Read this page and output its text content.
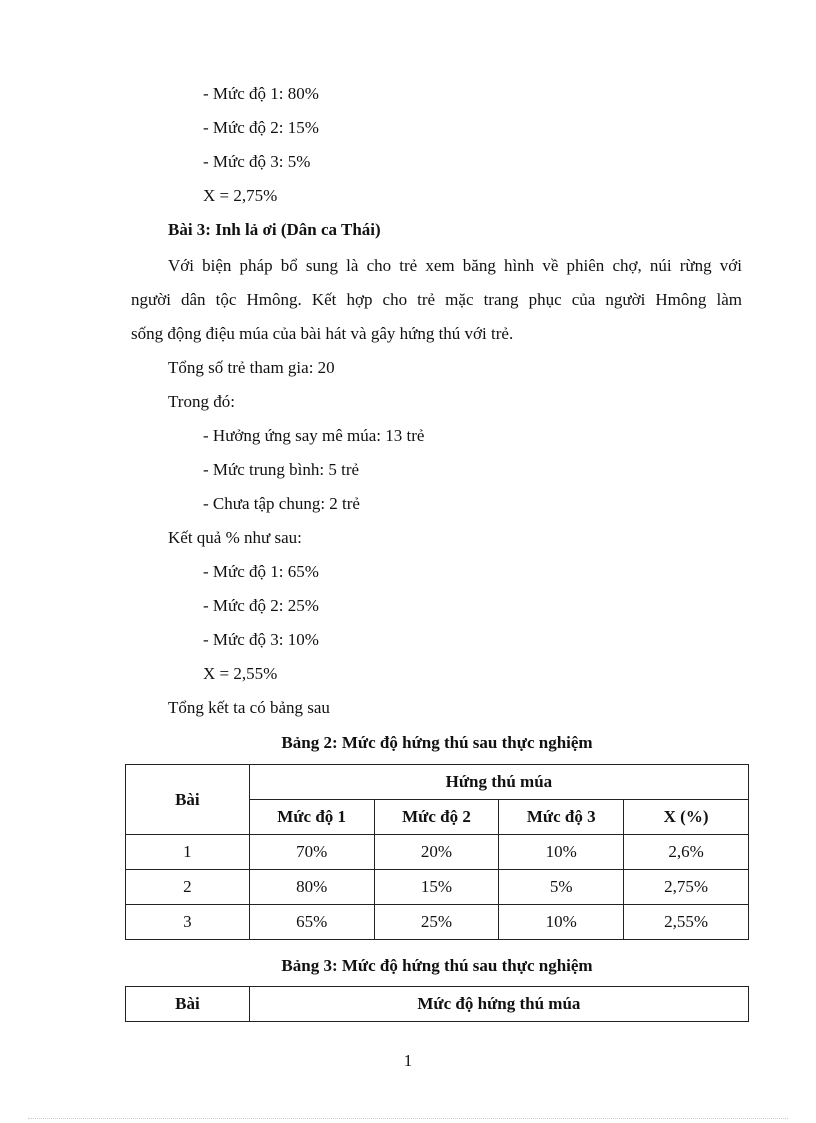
- Mức độ 1: 80%
- Mức độ 2: 15%
- Mức độ 3: 5%
X = 2,75%
Bài 3: Inh lả ơi (Dân ca Thái)
Với biện pháp bổ sung là cho trẻ xem băng hình về phiên chợ, núi rừng với
người dân tộc Hmông. Kết hợp cho trẻ mặc trang phục của người Hmông làm
sống động điệu múa của bài hát và gây hứng thú với trẻ.
Tổng số trẻ tham gia: 20
Trong đó:
- Hưởng ứng say mê múa: 13 trẻ
- Mức trung bình: 5 trẻ
- Chưa tập chung: 2 trẻ
Kết quả % như sau:
- Mức độ 1: 65%
- Mức độ 2: 25%
- Mức độ 3: 10%
X = 2,55%
Tổng kết ta có bảng sau
Bảng 2: Mức độ hứng thú sau thực nghiệm
Bài	Hứng thú múa			
	Mức độ 1	Mức độ 2	Mức độ 3	X (%)
1	70%	20%	10%	2,6%
2	80%	15%	5%	2,75%
3	65%	25%	10%	2,55%
Bảng 3: Mức độ hứng thú sau thực nghiệm
Bài	Mức độ hứng thú múa
1
